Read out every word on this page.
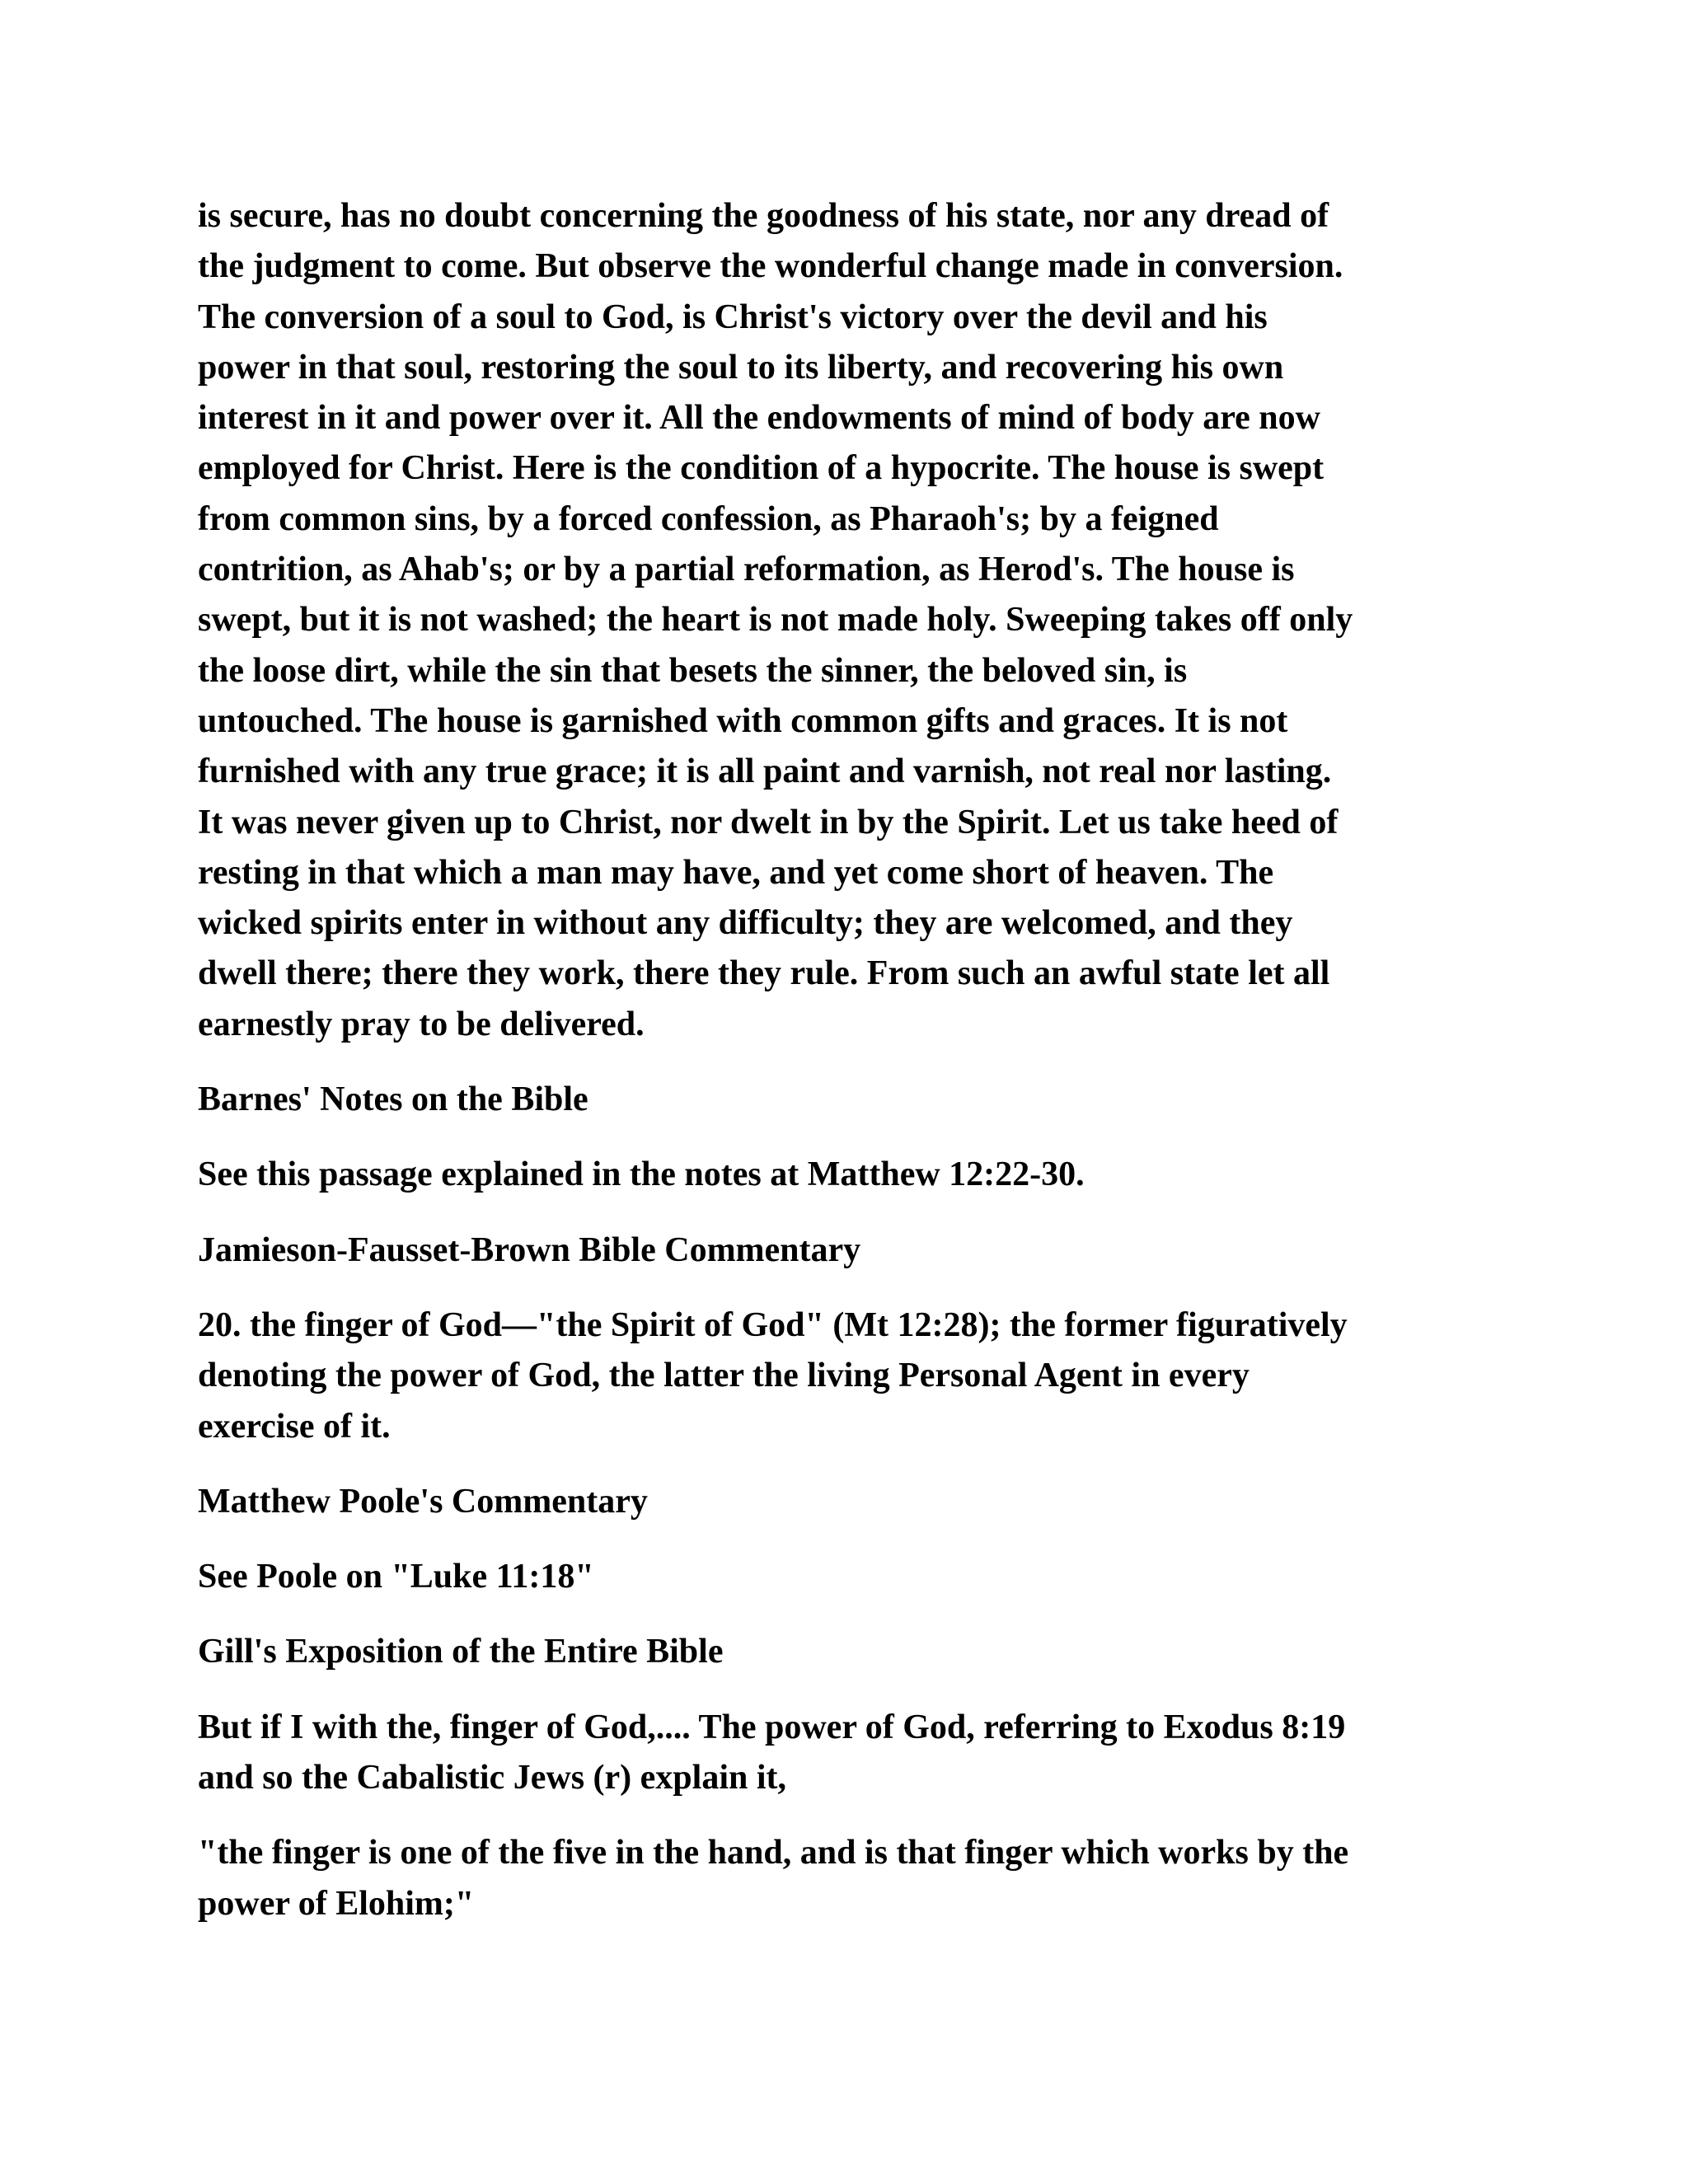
is secure, has no doubt concerning the goodness of his state, nor any dread of
the judgment to come. But observe the wonderful change made in conversion.
The conversion of a soul to God, is Christ's victory over the devil and his
power in that soul, restoring the soul to its liberty, and recovering his own
interest in it and power over it. All the endowments of mind of body are now
employed for Christ. Here is the condition of a hypocrite. The house is swept
from common sins, by a forced confession, as Pharaoh's; by a feigned
contrition, as Ahab's; or by a partial reformation, as Herod's. The house is
swept, but it is not washed; the heart is not made holy. Sweeping takes off only
the loose dirt, while the sin that besets the sinner, the beloved sin, is
untouched. The house is garnished with common gifts and graces. It is not
furnished with any true grace; it is all paint and varnish, not real nor lasting.
It was never given up to Christ, nor dwelt in by the Spirit. Let us take heed of
resting in that which a man may have, and yet come short of heaven. The
wicked spirits enter in without any difficulty; they are welcomed, and they
dwell there; there they work, there they rule. From such an awful state let all
earnestly pray to be delivered.
Barnes' Notes on the Bible
See this passage explained in the notes at Matthew 12:22-30.
Jamieson-Fausset-Brown Bible Commentary
20. the finger of God—"the Spirit of God" (Mt 12:28); the former figuratively
denoting the power of God, the latter the living Personal Agent in every
exercise of it.
Matthew Poole's Commentary
See Poole on "Luke 11:18"
Gill's Exposition of the Entire Bible
But if I with the, finger of God,.... The power of God, referring to Exodus 8:19
and so the Cabalistic Jews (r) explain it,
"the finger is one of the five in the hand, and is that finger which works by the
power of Elohim;"
